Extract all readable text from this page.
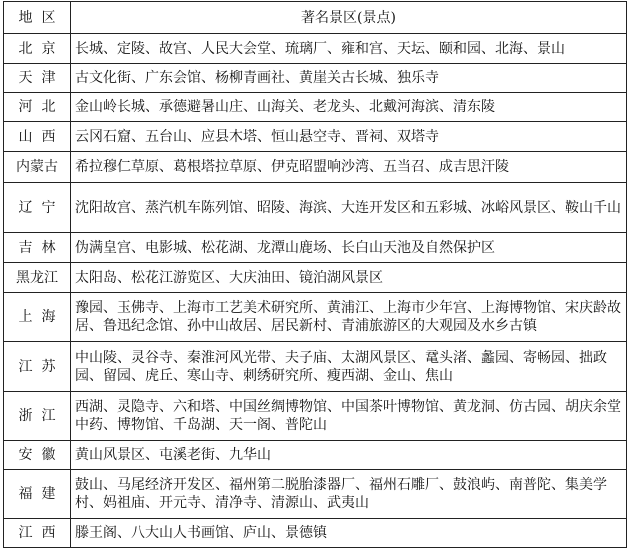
地  区	著名景区(景点)
北  京	长城、定陵、故宫、人民大会堂、琉璃厂、雍和宫、天坛、颐和园、北海、景山
天  津	古文化街、广东会馆、杨柳青画社、黄崖关古长城、独乐寺
河  北	金山岭长城、承德避暑山庄、山海关、老龙头、北戴河海滨、清东陵
山  西	云冈石窟、五台山、应县木塔、恒山悬空寺、晋祠、双塔寺
内蒙古	希拉穆仁草原、葛根塔拉草原、伊克昭盟响沙湾、五当召、成吉思汗陵
辽  宁	沈阳故宫、蒸汽机车陈列馆、昭陵、海滨、大连开发区和五彩城、冰峪风景区、鞍山千山
吉  林	伪满皇宫、电影城、松花湖、龙潭山鹿场、长白山天池及自然保护区
黑龙江	太阳岛、松花江游览区、大庆油田、镜泊湖风景区
上  海	豫园、玉佛寺、上海市工艺美术研究所、黄浦江、上海市少年宫、上海博物馆、宋庆龄故居、鲁迅纪念馆、孙中山故居、居民新村、青浦旅游区的大观园及水乡古镇
江  苏	中山陵、灵谷寺、秦淮河风光带、夫子庙、太湖风景区、鼋头渚、蠡园、寄畅园、拙政园、留园、虎丘、寒山寺、刺绣研究所、瘦西湖、金山、焦山
浙  江	西湖、灵隐寺、六和塔、中国丝绸博物馆、中国茶叶博物馆、黄龙洞、仿古园、胡庆余堂中药、博物馆、千岛湖、天一阁、普陀山
安  徽	黄山风景区、屯溪老街、九华山
福  建	鼓山、马尾经济开发区、福州第二脱胎漆器厂、福州石雕厂、鼓浪屿、南普陀、集美学村、妈祖庙、开元寺、清净寺、清源山、武夷山
江  西	滕王阁、八大山人书画馆、庐山、景德镇
